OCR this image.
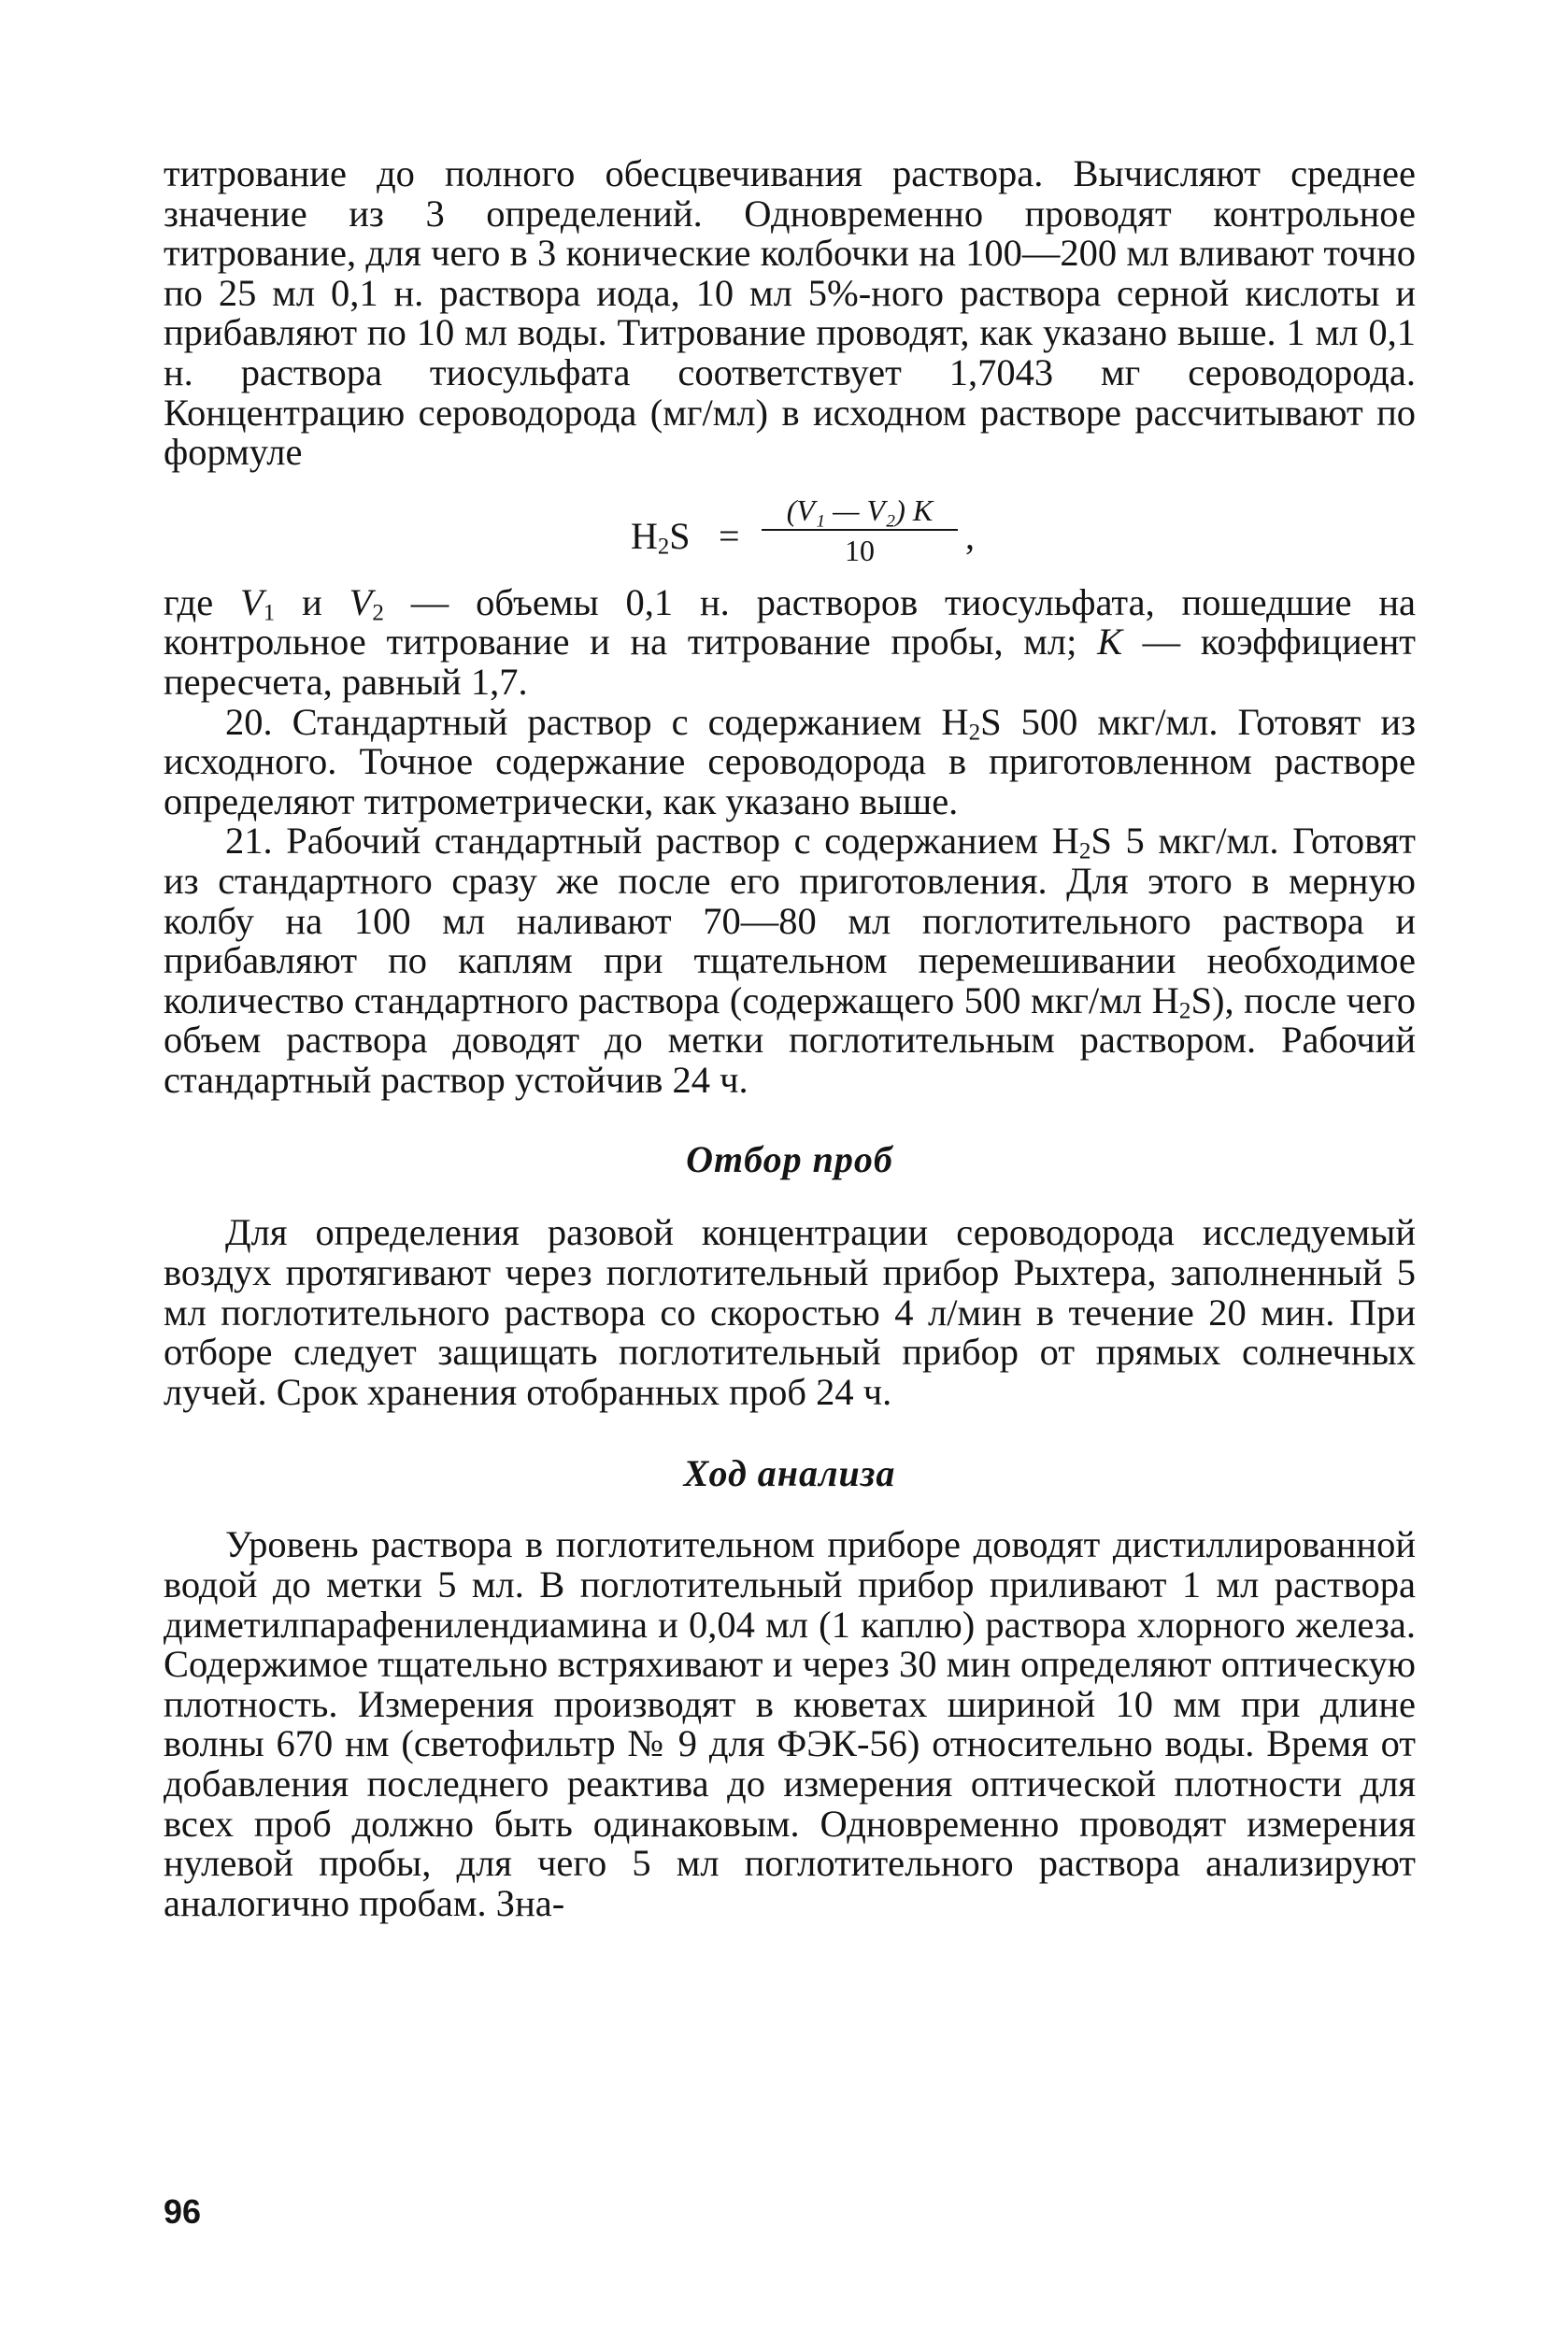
титрование до полного обесцвечивания раствора. Вычисляют среднее значение из 3 определений. Одновременно проводят контрольное титрование, для чего в 3 конические колбочки на 100—200 мл вливают точно по 25 мл 0,1 н. раствора иода, 10 мл 5%-ного раствора серной кислоты и прибавляют по 10 мл воды. Титрование проводят, как указано выше. 1 мл 0,1 н. раствора тиосульфата соответствует 1,7043 мг сероводорода. Концентрацию сероводорода (мг/мл) в исходном растворе рассчитывают по формуле

$H_2S$ =
(V₁ — V₂) K
10	,

где $V_1$ и $V_2$ — объемы 0,1 н. растворов тиосульфата, пошедшие на контрольное титрование и на титрование пробы, мл; К — коэффициент пересчета, равный 1,7.

20. Стандартный раствор с содержанием $H_2S$ 500 мкг/мл. Готовят из исходного. Точное содержание сероводорода в приготовленном растворе определяют титрометрически, как указано выше.

21. Рабочий стандартный раствор с содержанием $H_2S$ 5 мкг/мл. Готовят из стандартного сразу же после его приготовления. Для этого в мерную колбу на 100 мл наливают 70—80 мл поглотительного раствора и прибавляют по каплям при тщательном перемешивании необходимое количество стандартного раствора (содержащего 500 мкг/мл $H_2S$), после чего объем раствора доводят до метки поглотительным раствором. Рабочий стандартный раствор устойчив 24 ч.

Отбор проб

Для определения разовой концентрации сероводорода исследуемый воздух протягивают через поглотительный прибор Рыхтера, заполненный 5 мл поглотительного раствора со скоростью 4 л/мин в течение 20 мин. При отборе следует защищать поглотительный прибор от прямых солнечных лучей. Срок хранения отобранных проб 24 ч.

Ход анализа

Уровень раствора в поглотительном приборе доводят дистиллированной водой до метки 5 мл. В поглотительный прибор приливают 1 мл раствора диметилпарафенилендиамина и 0,04 мл (1 каплю) раствора хлорного железа. Содержимое тщательно встряхивают и через 30 мин определяют оптическую плотность. Измерения производят в кюветах шириной 10 мм при длине волны 670 нм (светофильтр № 9 для ФЭК-56) относительно воды. Время от добавления последнего реактива до измерения оптической плотности для всех проб должно быть одинаковым. Одновременно проводят измерения нулевой пробы, для чего 5 мл поглотительного раствора анализируют аналогично пробам. Зна-

96
